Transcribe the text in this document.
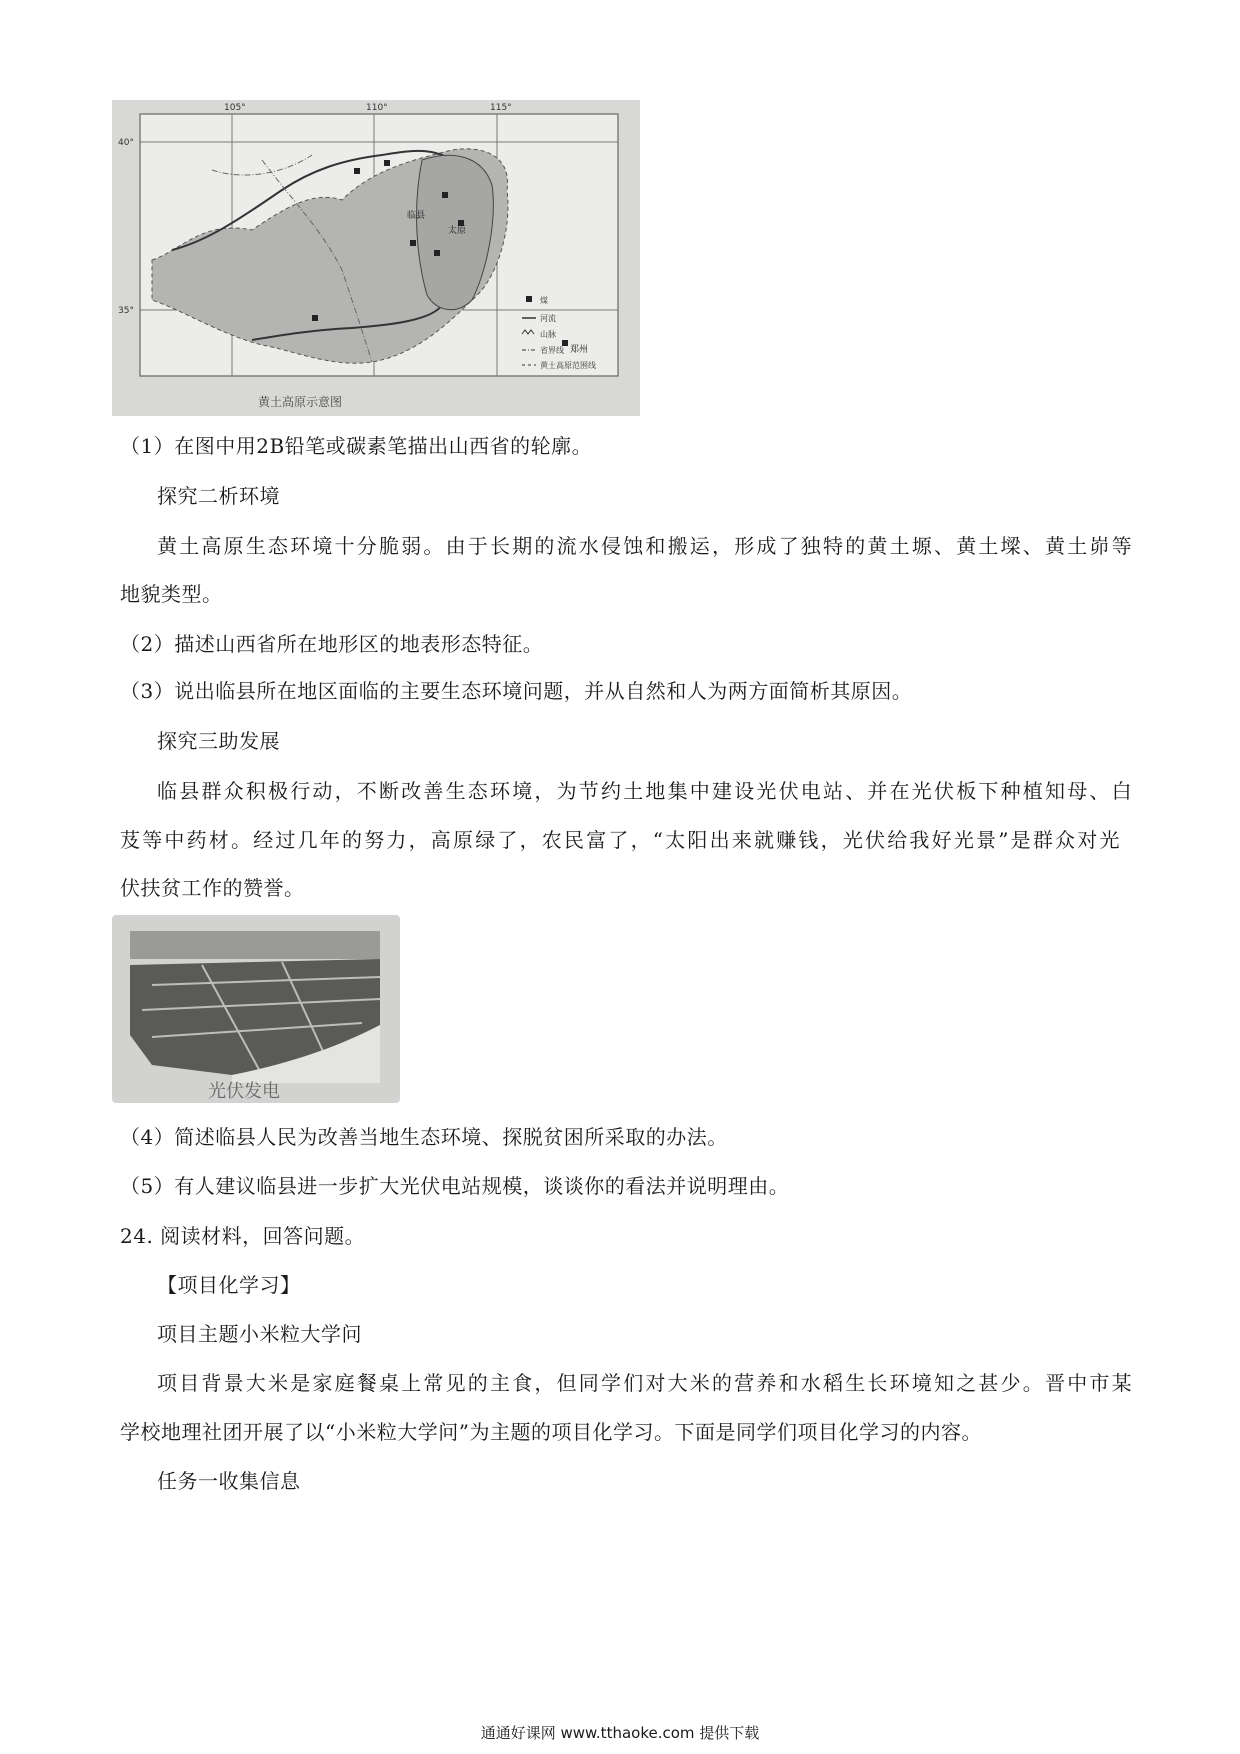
105°	110°	115°
40°
35°
临县
太原
郑州
煤
河流
山脉
省界线
黄土高原范围线
黄土高原示意图
（1）在图中用2B铅笔或碳素笔描出山西省的轮廓。
探究二析环境
黄土高原生态环境十分脆弱。由于长期的流水侵蚀和搬运，形成了独特的黄土塬、黄土墚、黄土峁等
地貌类型。
（2）描述山西省所在地形区的地表形态特征。
（3）说出临县所在地区面临的主要生态环境问题，并从自然和人为两方面简析其原因。
探究三助发展
临县群众积极行动，不断改善生态环境，为节约土地集中建设光伏电站、并在光伏板下种植知母、白
芨等中药材。经过几年的努力，高原绿了，农民富了，“太阳出来就赚钱，光伏给我好光景”是群众对光
伏扶贫工作的赞誉。
光伏发电
（4）简述临县人民为改善当地生态环境、探脱贫困所采取的办法。
（5）有人建议临县进一步扩大光伏电站规模，谈谈你的看法并说明理由。
24. 阅读材料，回答问题。
【项目化学习】
项目主题小米粒大学问
项目背景大米是家庭餐桌上常见的主食，但同学们对大米的营养和水稻生长环境知之甚少。晋中市某
学校地理社团开展了以“小米粒大学问”为主题的项目化学习。下面是同学们项目化学习的内容。
任务一收集信息
通通好课网 www.tthaoke.com 提供下载
